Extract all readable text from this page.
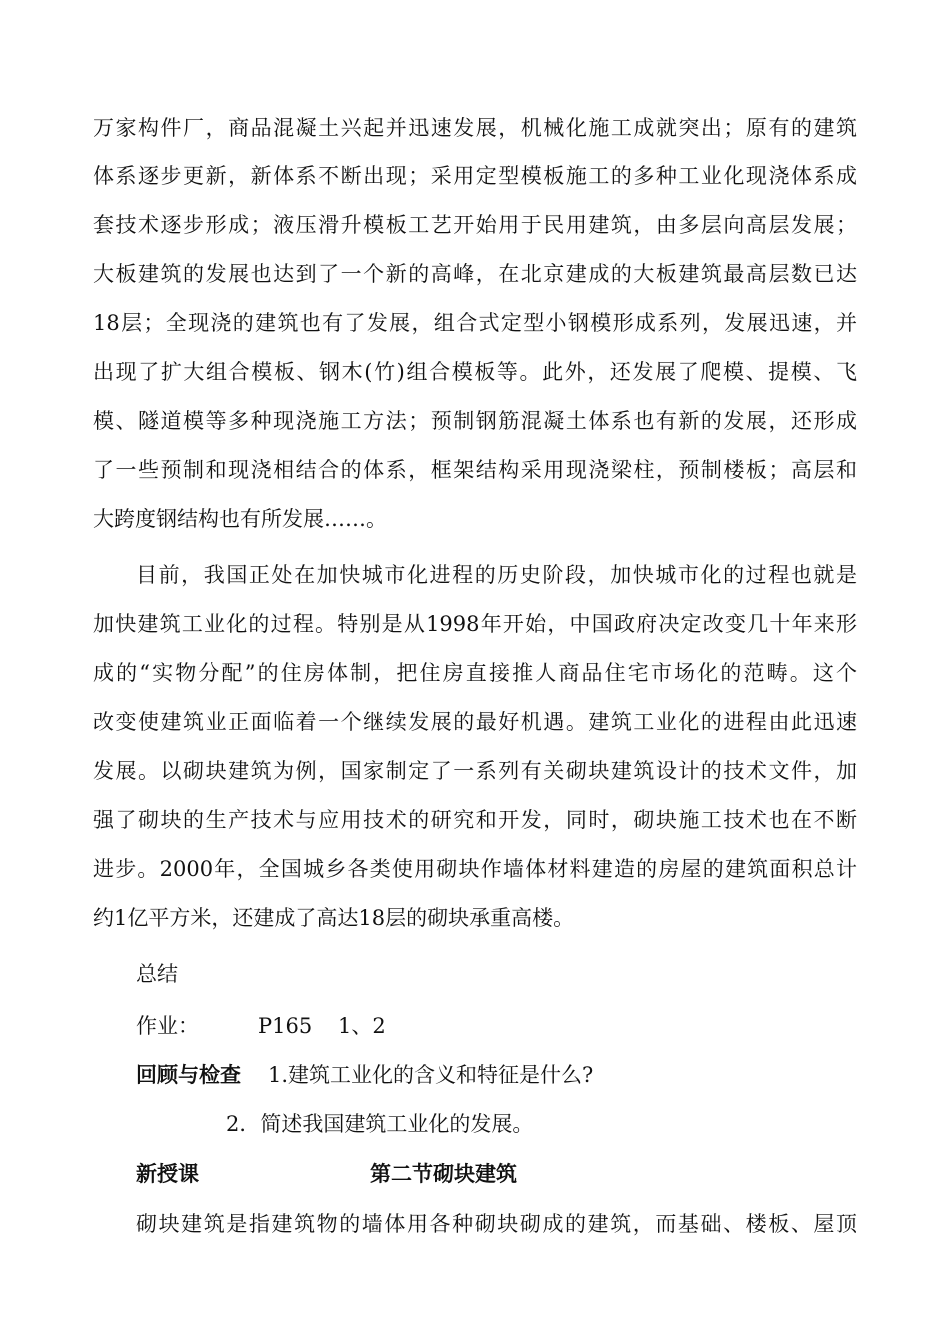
万家构件厂，商品混凝土兴起并迅速发展，机械化施工成就突出；原有的建筑
体系逐步更新，新体系不断出现；采用定型模板施工的多种工业化现浇体系成
套技术逐步形成；液压滑升模板工艺开始用于民用建筑，由多层向高层发展；
大板建筑的发展也达到了一个新的高峰，在北京建成的大板建筑最高层数已达
18层；全现浇的建筑也有了发展，组合式定型小钢模形成系列，发展迅速，并
出现了扩大组合模板、钢木(竹)组合模板等。此外，还发展了爬模、提模、飞
模、隧道模等多种现浇施工方法；预制钢筋混凝土体系也有新的发展，还形成
了一些预制和现浇相结合的体系，框架结构采用现浇梁柱，预制楼板；高层和
大跨度钢结构也有所发展……。
目前，我国正处在加快城市化进程的历史阶段，加快城市化的过程也就是
加快建筑工业化的过程。特别是从1998年开始，中国政府决定改变几十年来形
成的“实物分配”的住房体制，把住房直接推人商品住宅市场化的范畴。这个
改变使建筑业正面临着一个继续发展的最好机遇。建筑工业化的进程由此迅速
发展。以砌块建筑为例，国家制定了一系列有关砌块建筑设计的技术文件，加
强了砌块的生产技术与应用技术的研究和开发，同时，砌块施工技术也在不断
进步。2000年，全国城乡各类使用砌块作墙体材料建造的房屋的建筑面积总计
约1亿平方米，还建成了高达18层的砌块承重高楼。
总结
作业：	P165 1、2
回顾与检查 1.建筑工业化的含义和特征是什么?
2．简述我国建筑工业化的发展。
新授课	第二节砌块建筑
砌块建筑是指建筑物的墙体用各种砌块砌成的建筑，而基础、楼板、屋顶
